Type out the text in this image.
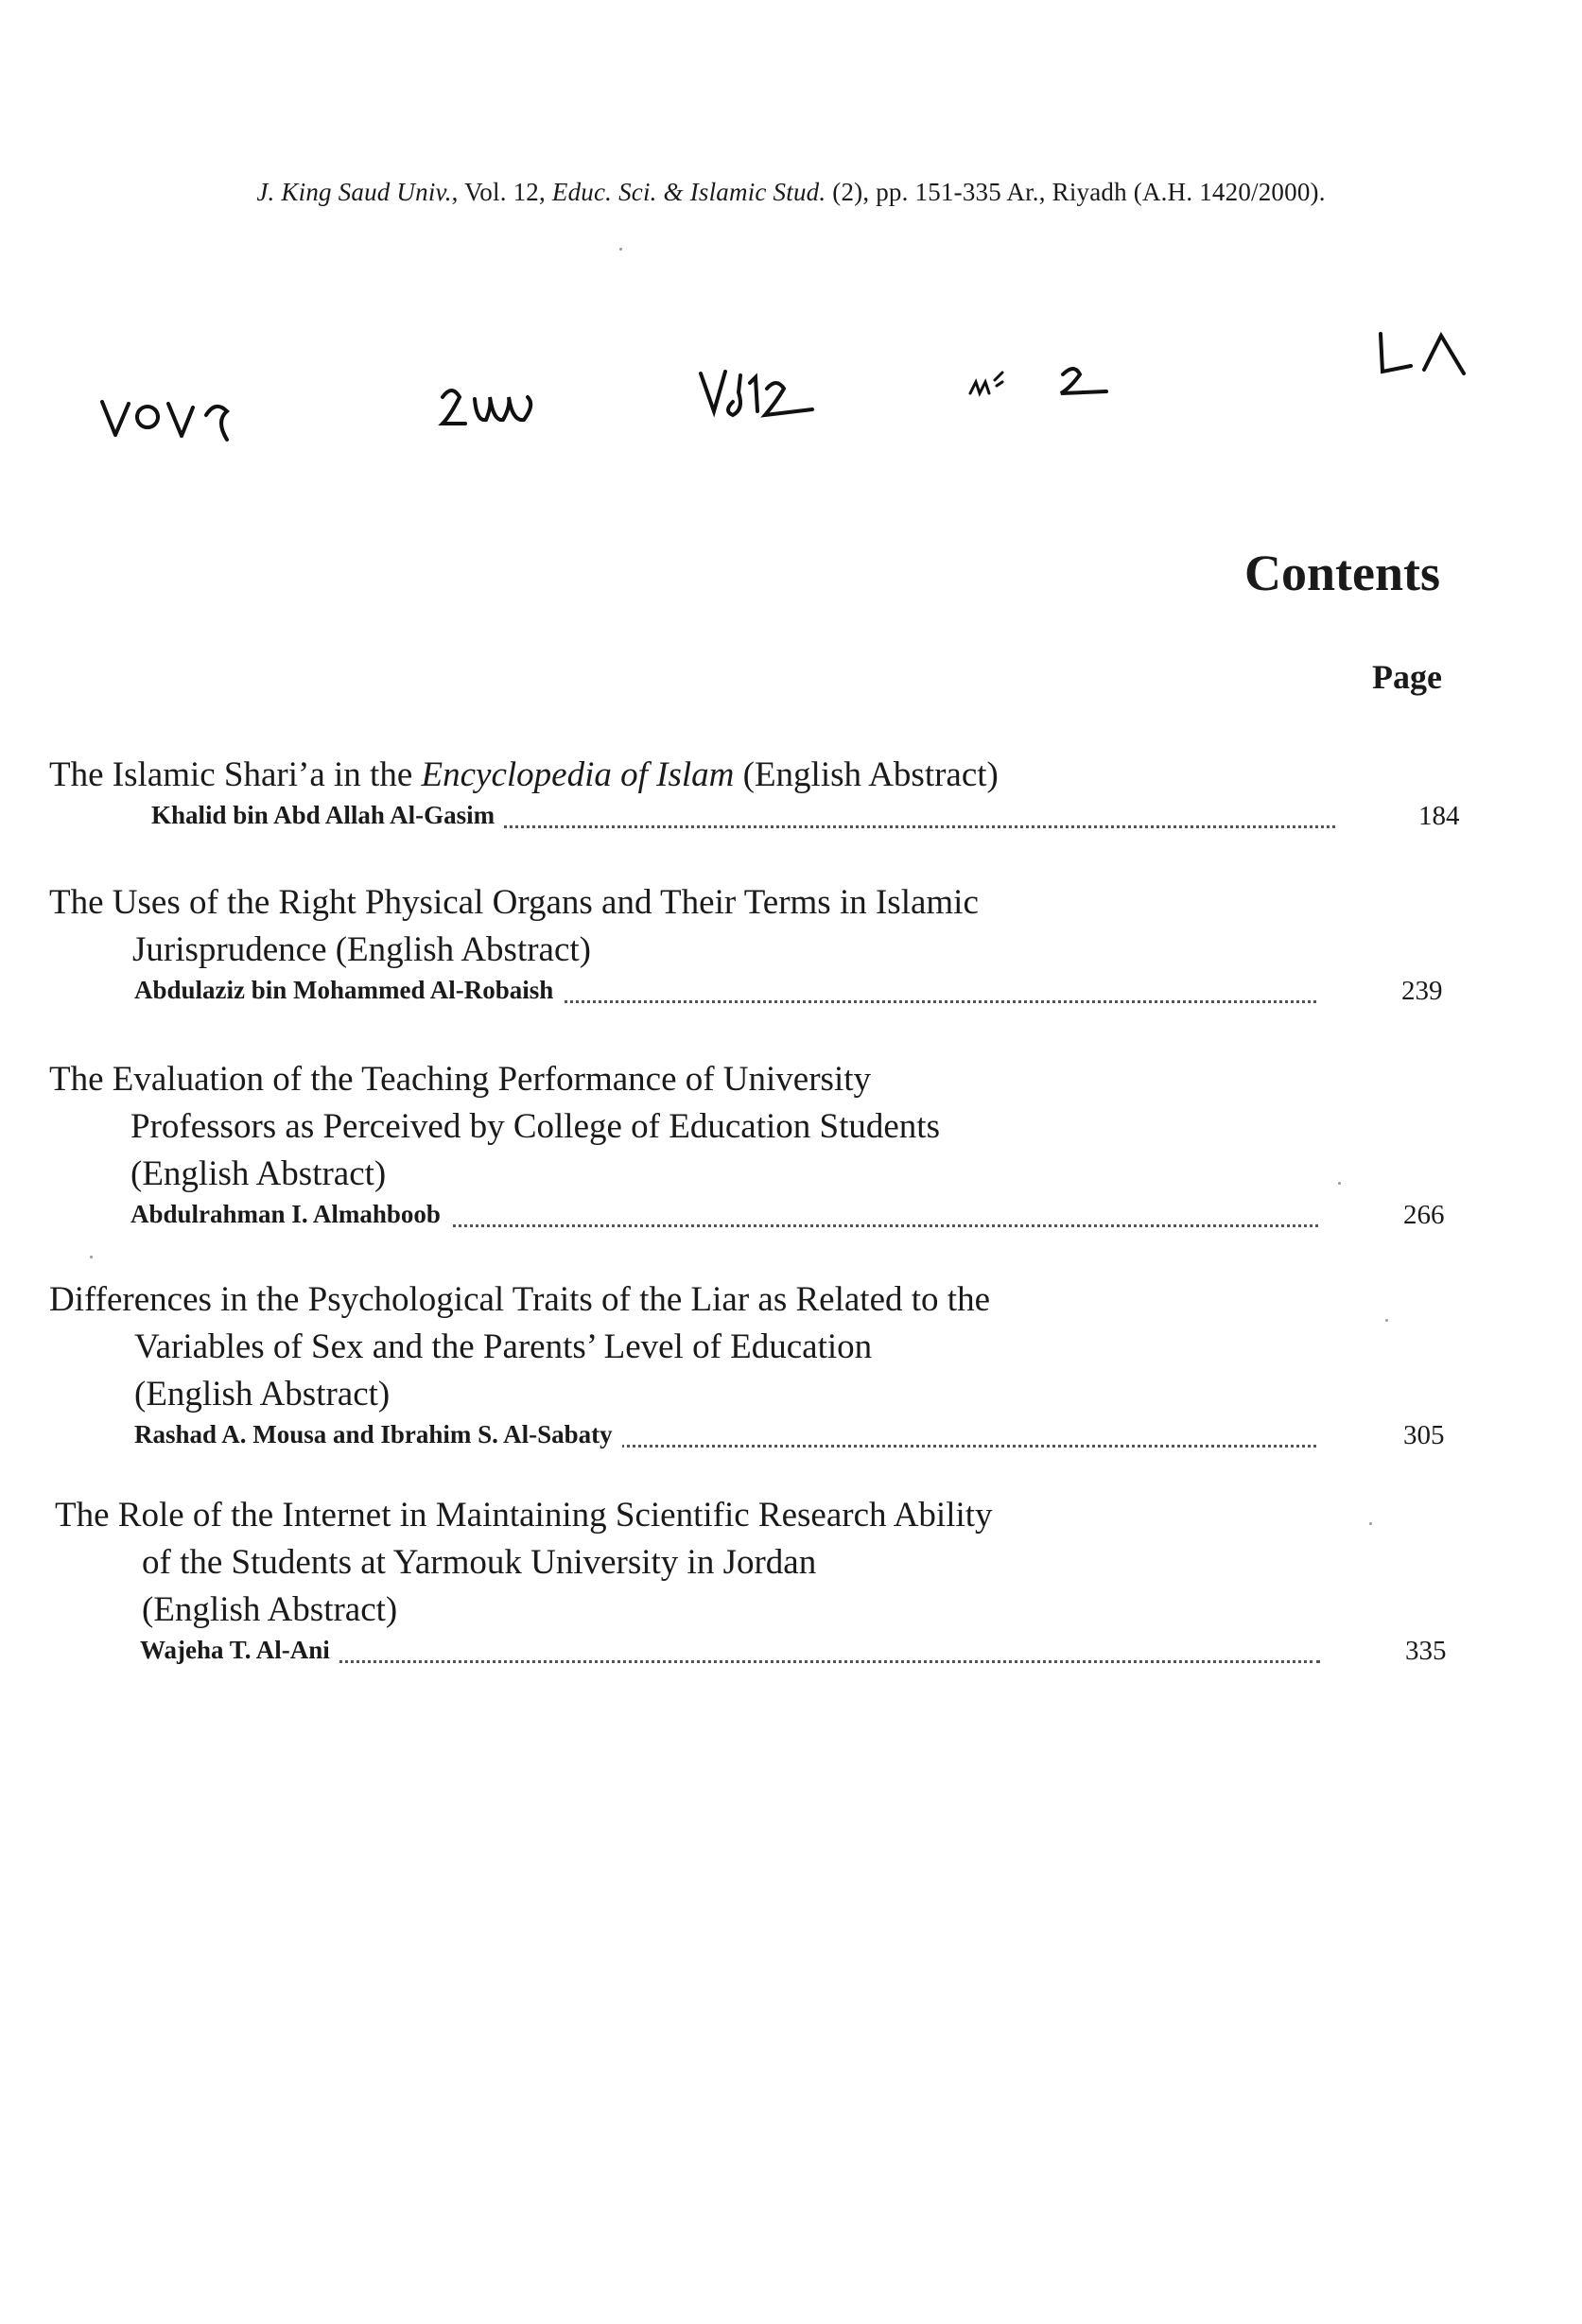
J. King Saud Univ., Vol. 12, Educ. Sci. & Islamic Stud. (2), pp. 151-335 Ar., Riyadh (A.H. 1420/2000).
Contents
Page
The Islamic Shari’a in the Encyclopedia of Islam (English Abstract)
Khalid bin Abd Allah Al-Gasim	184
The Uses of the Right Physical Organs and Their Terms in Islamic
Jurisprudence (English Abstract)
Abdulaziz bin Mohammed Al-Robaish	239
The Evaluation of the Teaching Performance of University
Professors as Perceived by College of Education Students
(English Abstract)
Abdulrahman I. Almahboob	266
Differences in the Psychological Traits of the Liar as Related to the
Variables of Sex and the Parents’ Level of Education
(English Abstract)
Rashad A. Mousa and Ibrahim S. Al-Sabaty	305
The Role of the Internet in Maintaining Scientific Research Ability
of the Students at Yarmouk University in Jordan
(English Abstract)
Wajeha T. Al-Ani	335
